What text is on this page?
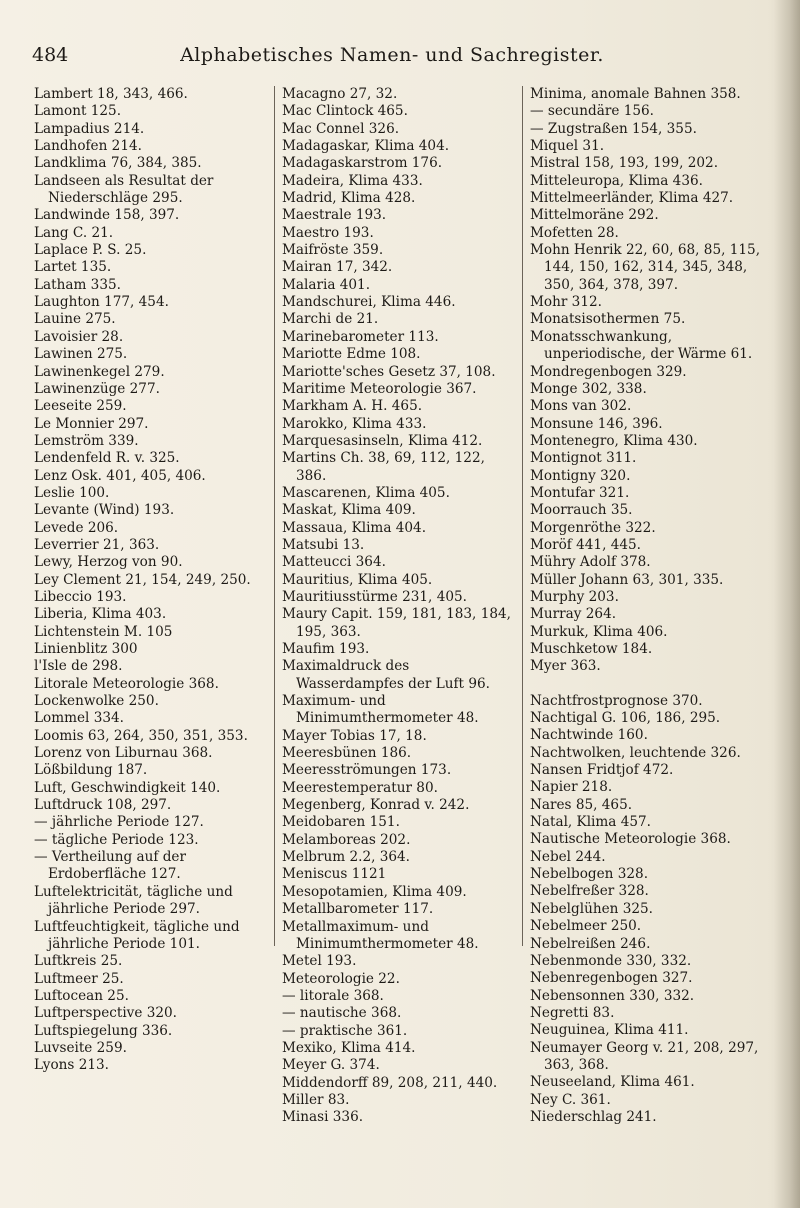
484	Alphabetisches Namen- und Sachregister.
Lambert 18, 343, 466.
Lamont 125.
Lampadius 214.
Landhofen 214.
Landklima 76, 384, 385.
Landseen als Resultat der Niederschläge 295.
Landwinde 158, 397.
Lang C. 21.
Laplace P. S. 25.
Lartet 135.
Latham 335.
Laughton 177, 454.
Lauine 275.
Lavoisier 28.
Lawinen 275.
Lawinenkegel 279.
Lawinenzüge 277.
Leeseite 259.
Le Monnier 297.
Lemström 339.
Lendenfeld R. v. 325.
Lenz Osk. 401, 405, 406.
Leslie 100.
Levante (Wind) 193.
Levede 206.
Leverrier 21, 363.
Lewy, Herzog von 90.
Ley Clement 21, 154, 249, 250.
Libeccio 193.
Liberia, Klima 403.
Lichtenstein M. 105
Linienblitz 300
l'Isle de 298.
Litorale Meteorologie 368.
Lockenwolke 250.
Lommel 334.
Loomis 63, 264, 350, 351, 353.
Lorenz von Liburnau 368.
Lößbildung 187.
Luft, Geschwindigkeit 140.
Luftdruck 108, 297.
— jährliche Periode 127.
— tägliche Periode 123.
— Vertheilung auf der Erdoberfläche 127.
Luftelektricität, tägliche und jährliche Periode 297.
Luftfeuchtigkeit, tägliche und jährliche Periode 101.
Luftkreis 25.
Luftmeer 25.
Luftocean 25.
Luftperspective 320.
Luftspiegelung 336.
Luvseite 259.
Lyons 213.
Macagno 27, 32.
Mac Clintock 465.
Mac Connel 326.
Madagaskar, Klima 404.
Madagaskarstrom 176.
Madeira, Klima 433.
Madrid, Klima 428.
Maestrale 193.
Maestro 193.
Maifröste 359.
Mairan 17, 342.
Malaria 401.
Mandschurei, Klima 446.
Marchi de 21.
Marinebarometer 113.
Mariotte Edme 108.
Mariotte'sches Gesetz 37, 108.
Maritime Meteorologie 367.
Markham A. H. 465.
Marokko, Klima 433.
Marquesasinseln, Klima 412.
Martins Ch. 38, 69, 112, 122, 386.
Mascarenen, Klima 405.
Maskat, Klima 409.
Massaua, Klima 404.
Matsubi 13.
Matteucci 364.
Mauritius, Klima 405.
Mauritiusstürme 231, 405.
Maury Capit. 159, 181, 183, 184, 195, 363.
Maufim 193.
Maximaldruck des Wasserdampfes der Luft 96.
Maximum- und Minimumthermometer 48.
Mayer Tobias 17, 18.
Meeresbünen 186.
Meeresströmungen 173.
Meerestemperatur 80.
Megenberg, Konrad v. 242.
Meidobaren 151.
Melamboreas 202.
Melbrum 2.2, 364.
Meniscus 1121
Mesopotamien, Klima 409.
Metallbarometer 117.
Metallmaximum- und Minimumthermometer 48.
Metel 193.
Meteorologie 22.
— litorale 368.
— nautische 368.
— praktische 361.
Mexiko, Klima 414.
Meyer G. 374.
Middendorff 89, 208, 211, 440.
Miller 83.
Minasi 336.
Minima, anomale Bahnen 358.
— secundäre 156.
— Zugstraßen 154, 355.
Miquel 31.
Mistral 158, 193, 199, 202.
Mitteleuropa, Klima 436.
Mittelmeerländer, Klima 427.
Mittelmoräne 292.
Mofetten 28.
Mohn Henrik 22, 60, 68, 85, 115, 144, 150, 162, 314, 345, 348, 350, 364, 378, 397.
Mohr 312.
Monatsisothermen 75.
Monatsschwankung, unperiodische, der Wärme 61.
Mondregenbogen 329.
Monge 302, 338.
Mons van 302.
Monsune 146, 396.
Montenegro, Klima 430.
Montignot 311.
Montigny 320.
Montufar 321.
Moorrauch 35.
Morgenröthe 322.
Moröf 441, 445.
Mühry Adolf 378.
Müller Johann 63, 301, 335.
Murphy 203.
Murray 264.
Murkuk, Klima 406.
Muschketow 184.
Myer 363.
Nachtfrostprognose 370.
Nachtigal G. 106, 186, 295.
Nachtwinde 160.
Nachtwolken, leuchtende 326.
Nansen Fridtjof 472.
Napier 218.
Nares 85, 465.
Natal, Klima 457.
Nautische Meteorologie 368.
Nebel 244.
Nebelbogen 328.
Nebelfreßer 328.
Nebelglühen 325.
Nebelmeer 250.
Nebelreißen 246.
Nebenmonde 330, 332.
Nebenregenbogen 327.
Nebensonnen 330, 332.
Negretti 83.
Neuguinea, Klima 411.
Neumayer Georg v. 21, 208, 297, 363, 368.
Neuseeland, Klima 461.
Ney C. 361.
Niederschlag 241.
